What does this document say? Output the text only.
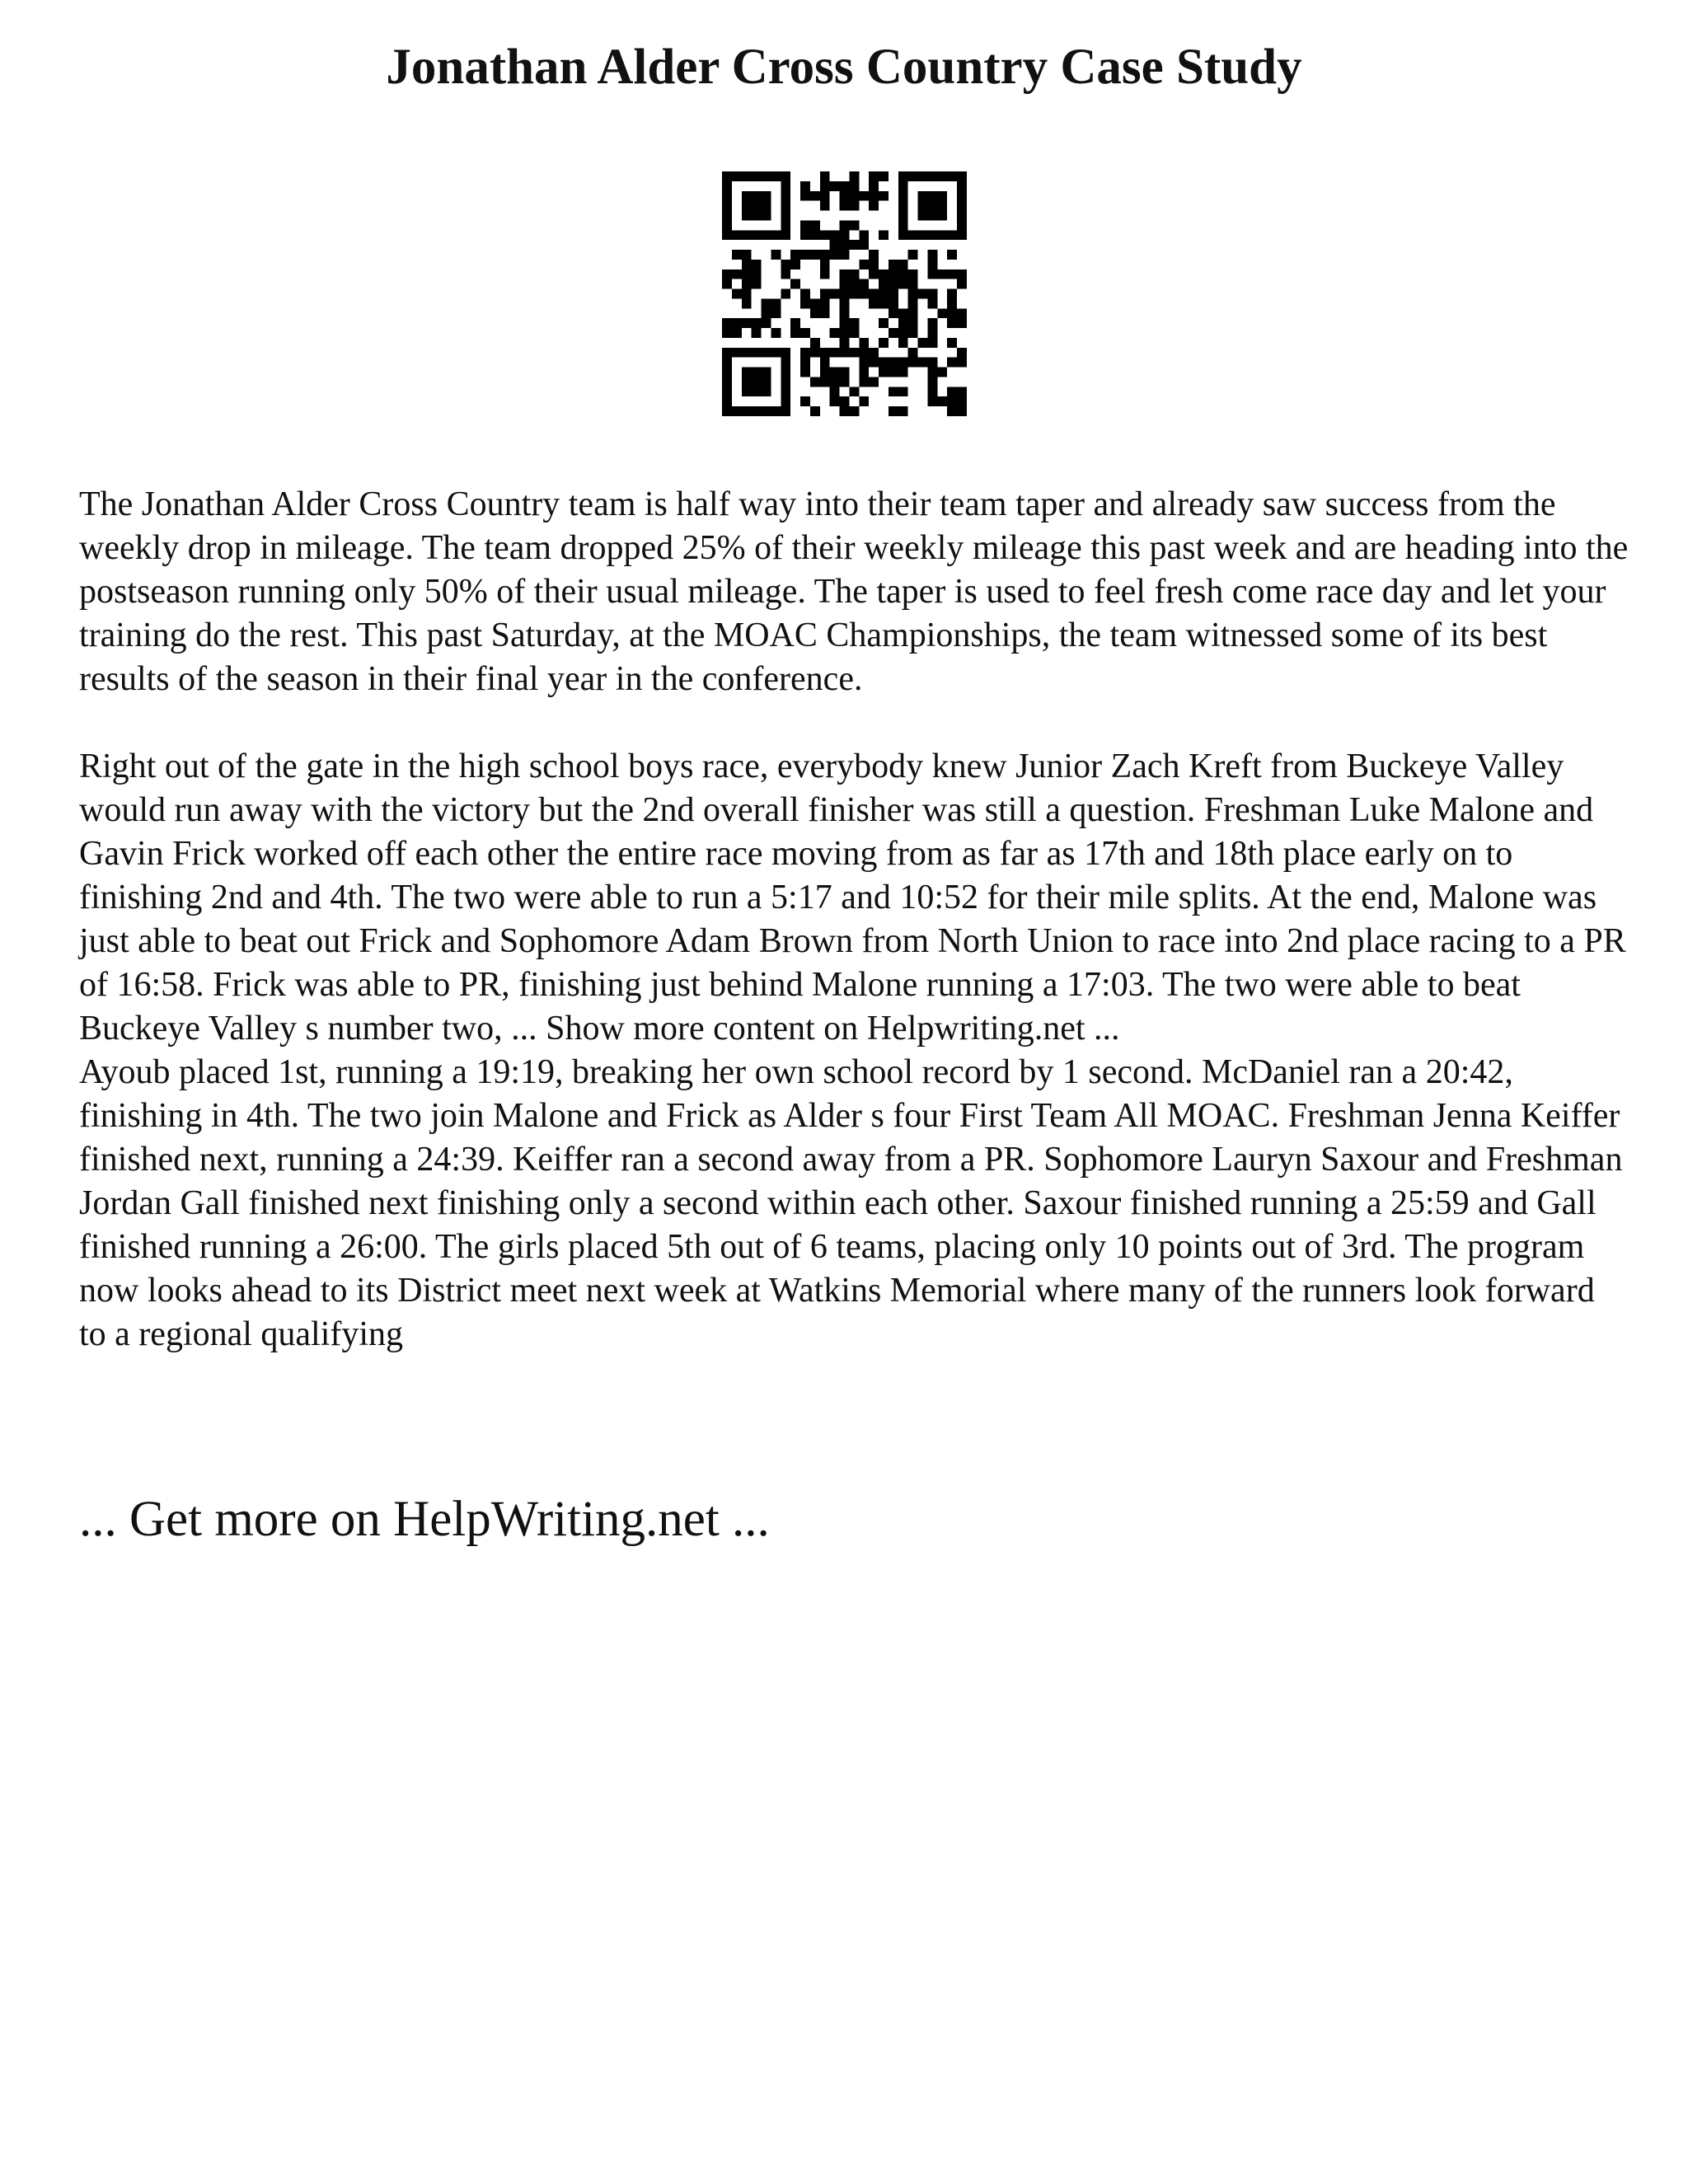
Jonathan Alder Cross Country Case Study

The Jonathan Alder Cross Country team is half way into their team taper and already saw success from the weekly drop in mileage. The team dropped 25% of their weekly mileage this past week and are heading into the postseason running only 50% of their usual mileage. The taper is used to feel fresh come race day and let your training do the rest. This past Saturday, at the MOAC Championships, the team witnessed some of its best results of the season in their final year in the conference.

Right out of the gate in the high school boys race, everybody knew Junior Zach Kreft from Buckeye Valley would run away with the victory but the 2nd overall finisher was still a question. Freshman Luke Malone and Gavin Frick worked off each other the entire race moving from as far as 17th and 18th place early on to finishing 2nd and 4th. The two were able to run a 5:17 and 10:52 for their mile splits. At the end, Malone was just able to beat out Frick and Sophomore Adam Brown from North Union to race into 2nd place racing to a PR of 16:58. Frick was able to PR, finishing just behind Malone running a 17:03. The two were able to beat Buckeye Valley s number two, ... Show more content on Helpwriting.net ...

Ayoub placed 1st, running a 19:19, breaking her own school record by 1 second. McDaniel ran a 20:42, finishing in 4th. The two join Malone and Frick as Alder s four First Team All MOAC. Freshman Jenna Keiffer finished next, running a 24:39. Keiffer ran a second away from a PR. Sophomore Lauryn Saxour and Freshman Jordan Gall finished next finishing only a second within each other. Saxour finished running a 25:59 and Gall finished running a 26:00. The girls placed 5th out of 6 teams, placing only 10 points out of 3rd. The program now looks ahead to its District meet next week at Watkins Memorial where many of the runners look forward to a regional qualifying

... Get more on HelpWriting.net ...
